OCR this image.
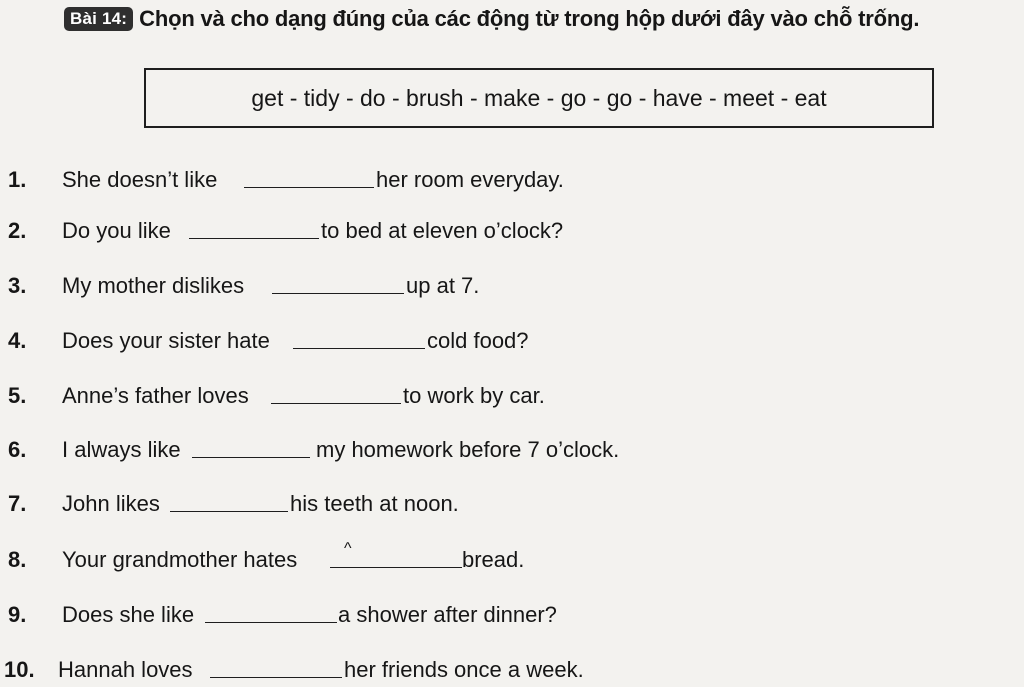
Bài 14: Chọn và cho dạng đúng của các động từ trong hộp dưới đây vào chỗ trống.
get - tidy - do - brush - make - go - go - have - meet - eat
1. She doesn’t like	her room everyday.
2. Do you like	to bed at eleven o’clock?
3. My mother dislikes	up at 7.
4. Does your sister hate	cold food?
5. Anne’s father loves	to work by car.
6. I always like	my homework before 7 o’clock.
7. John likes	his teeth at noon.
8. Your grandmother hates	bread.
^
9. Does she like	a shower after dinner?
10. Hannah loves	her friends once a week.
